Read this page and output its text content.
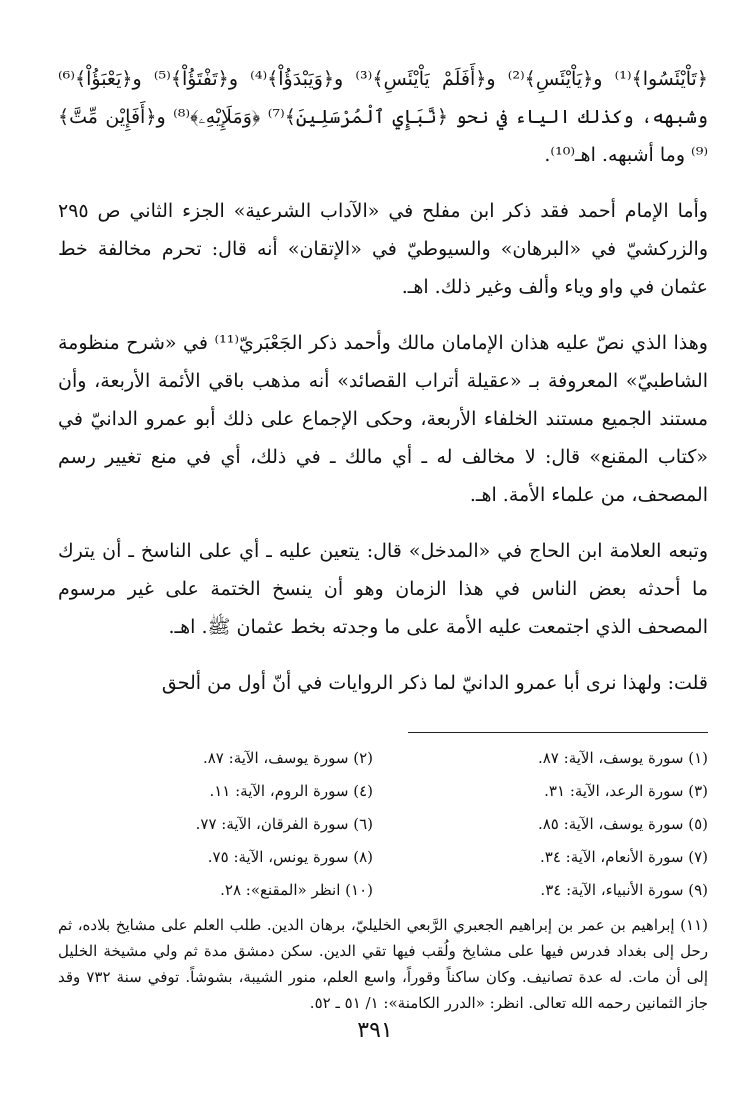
﴿تَاْيْئَسُوا﴾⁽¹⁾ و﴿يَاْيْئَسِ﴾⁽²⁾ و﴿أَفَلَمْ يَاْيْئَسِ﴾⁽³⁾ و﴿وَيَبْدَؤُاْ﴾⁽⁴⁾ و﴿تَفْتَؤُاْ﴾⁽⁵⁾ و﴿يَعْبَؤُاْ﴾⁽⁶⁾ وشبهه، وكذلك الياء في نحو ﴿نَّبَإِي ٱلْمُرْسَلِينَ﴾⁽⁷⁾ ﴿وَمَلَإِيْهِۦ﴾⁽⁸⁾ و﴿أَفَإِيْن مِّتَّ﴾⁽⁹⁾ وما أشبهه. اهـ⁽¹⁰⁾.

وأما الإمام أحمد فقد ذكر ابن مفلح في «الآداب الشرعية» الجزء الثاني ص ٢٩٥ والزركشيّ في «البرهان» والسيوطيّ في «الإتقان» أنه قال: تحرم مخالفة خط عثمان في واو وياء وألف وغير ذلك. اهـ.

وهذا الذي نصّ عليه هذان الإمامان مالك وأحمد ذكر الجَعْبَريّ⁽¹¹⁾ في «شرح منظومة الشاطبيّ» المعروفة بـ «عقيلة أتراب القصائد» أنه مذهب باقي الأئمة الأربعة، وأن مستند الجميع مستند الخلفاء الأربعة، وحكى الإجماع على ذلك أبو عمرو الدانيّ في «كتاب المقنع» قال: لا مخالف له ـ أي مالك ـ في ذلك، أي في منع تغيير رسم المصحف، من علماء الأمة. اهـ.

وتبعه العلامة ابن الحاج في «المدخل» قال: يتعين عليه ـ أي على الناسخ ـ أن يترك ما أحدثه بعض الناس في هذا الزمان وهو أن ينسخ الختمة على غير مرسوم المصحف الذي اجتمعت عليه الأمة على ما وجدته بخط عثمان ﷺ. اهـ.

قلت: ولهذا نرى أبا عمرو الدانيّ لما ذكر الروايات في أنّ أول من ألحق

(١) سورة يوسف، الآية: ٨٧.
(٢) سورة يوسف، الآية: ٨٧.
(٣) سورة الرعد، الآية: ٣١.
(٤) سورة الروم، الآية: ١١.
(٥) سورة يوسف، الآية: ٨٥.
(٦) سورة الفرقان، الآية: ٧٧.
(٧) سورة الأنعام، الآية: ٣٤.
(٨) سورة يونس، الآية: ٧٥.
(٩) سورة الأنبياء، الآية: ٣٤.
(١٠) انظر «المقنع»: ٢٨.
(١١) إبراهيم بن عمر بن إبراهيم الجعبري الرَّبعي الخليليّ، برهان الدين. طلب العلم على مشايخ بلاده، ثم رحل إلى بغداد فدرس فيها على مشايخ ولُقب فيها تقي الدين. سكن دمشق مدة ثم ولي مشيخة الخليل إلى أن مات. له عدة تصانيف. وكان ساكناً وقوراً، واسع العلم، منور الشيبة، بشوشاً. توفي سنة ٧٣٢ وقد جاز الثمانين رحمه الله تعالى. انظر: «الدرر الكامنة»: ١/ ٥١ ـ ٥٢.
٣٩١
